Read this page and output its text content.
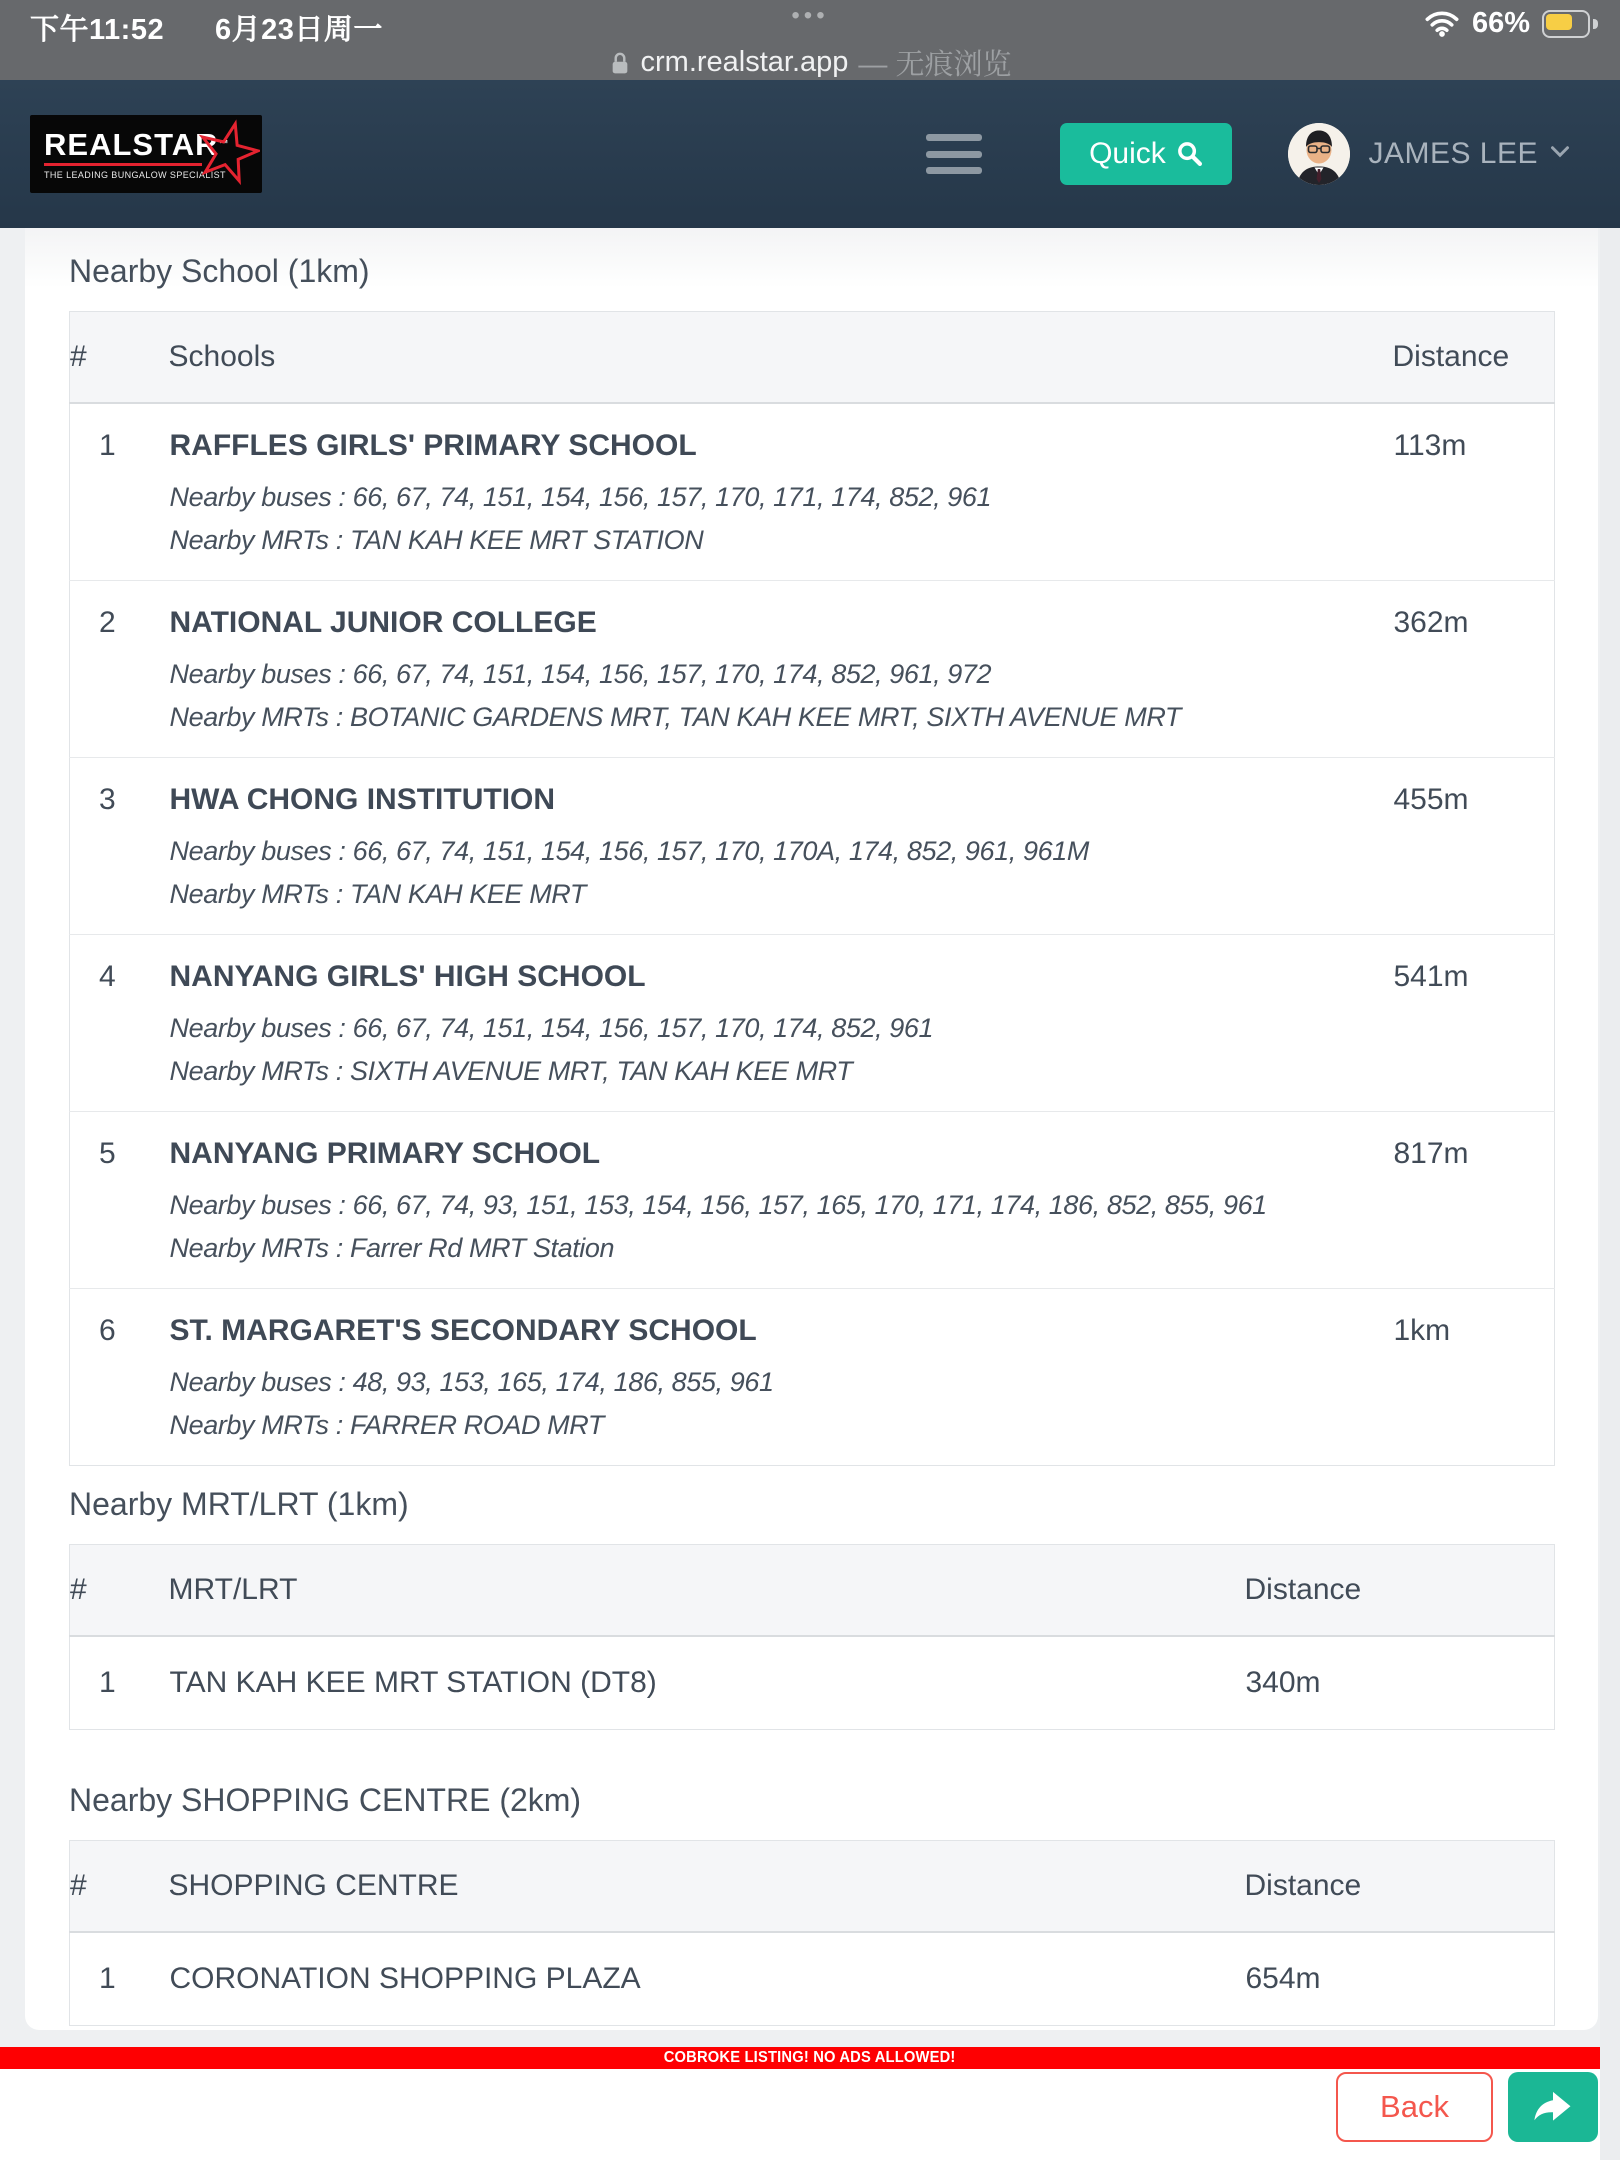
下午11:52 6月23日周一	•••	66%
crm.realstar.app — 无痕浏览
REALSTAR™
THE LEADING BUNGALOW SPECIALIST
Quick	JAMES LEE
Nearby School (1km)
#	Schools	Distance

1	RAFFLES GIRLS' PRIMARY SCHOOL

Nearby buses : 66, 67, 74, 151, 154, 156, 157, 170, 171, 174, 852, 961

Nearby MRTs : TAN KAH KEE MRT STATION	113m

2	NATIONAL JUNIOR COLLEGE

Nearby buses : 66, 67, 74, 151, 154, 156, 157, 170, 174, 852, 961, 972

Nearby MRTs : BOTANIC GARDENS MRT, TAN KAH KEE MRT, SIXTH AVENUE MRT	362m

3	HWA CHONG INSTITUTION

Nearby buses : 66, 67, 74, 151, 154, 156, 157, 170, 170A, 174, 852, 961, 961M

Nearby MRTs : TAN KAH KEE MRT	455m

4	NANYANG GIRLS' HIGH SCHOOL

Nearby buses : 66, 67, 74, 151, 154, 156, 157, 170, 174, 852, 961

Nearby MRTs : SIXTH AVENUE MRT, TAN KAH KEE MRT	541m

5	NANYANG PRIMARY SCHOOL

Nearby buses : 66, 67, 74, 93, 151, 153, 154, 156, 157, 165, 170, 171, 174, 186, 852, 855, 961

Nearby MRTs : Farrer Rd MRT Station	817m

6	ST. MARGARET'S SECONDARY SCHOOL

Nearby buses : 48, 93, 153, 165, 174, 186, 855, 961

Nearby MRTs : FARRER ROAD MRT	1km
Nearby MRT/LRT (1km)
#	MRT/LRT	Distance

1	TAN KAH KEE MRT STATION (DT8)	340m
Nearby SHOPPING CENTRE (2km)
#	SHOPPING CENTRE	Distance

1	CORONATION SHOPPING PLAZA	654m
COBROKE LISTING! NO ADS ALLOWED!
Back
